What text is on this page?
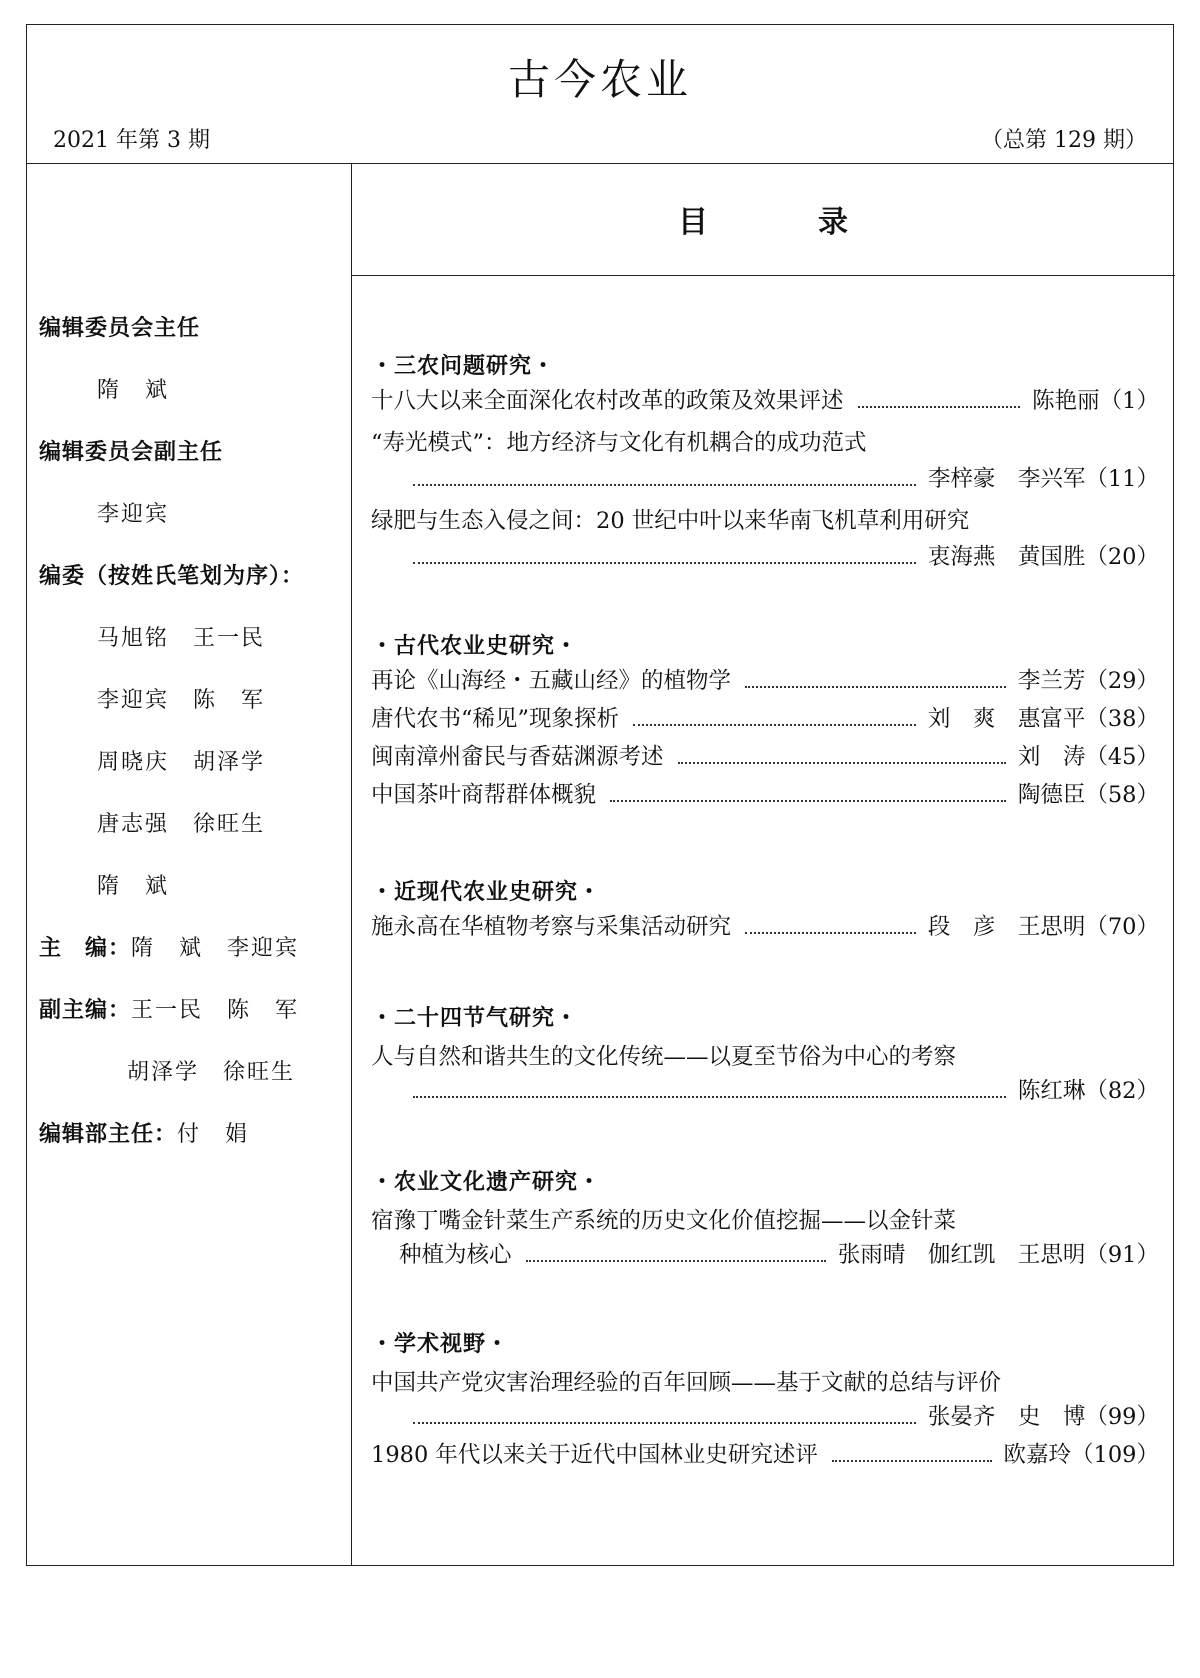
古今农业
2021 年第 3 期	（总第 129 期）
编辑委员会主任
隋　斌
编辑委员会副主任
李迎宾
编委（按姓氏笔划为序）：
马旭铭　王一民
李迎宾　陈　军
周晓庆　胡泽学
唐志强　徐旺生
隋　斌
主　编：隋　斌　李迎宾
副主编：王一民　陈　军
胡泽学　徐旺生
编辑部主任：付　娟
目	录
・三农问题研究・
十八大以来全面深化农村改革的政策及效果评述	陈艳丽（1）
“寿光模式”：地方经济与文化有机耦合的成功范式
李梓豪　李兴军（11）
绿肥与生态入侵之间：20 世纪中叶以来华南飞机草利用研究
衷海燕　黄国胜（20）
・古代农业史研究・
再论《山海经・五藏山经》的植物学	李兰芳（29）
唐代农书“稀见”现象探析	刘　爽　惠富平（38）
闽南漳州畲民与香菇渊源考述	刘　涛（45）
中国茶叶商帮群体概貌	陶德臣（58）
・近现代农业史研究・
施永高在华植物考察与采集活动研究	段　彦　王思明（70）
・二十四节气研究・
人与自然和谐共生的文化传统——以夏至节俗为中心的考察
陈红琳（82）
・农业文化遗产研究・
宿豫丁嘴金针菜生产系统的历史文化价值挖掘——以金针菜
种植为核心	张雨晴　伽红凯　王思明（91）
・学术视野・
中国共产党灾害治理经验的百年回顾——基于文献的总结与评价
张晏齐　史　博（99）
1980 年代以来关于近代中国林业史研究述评	欧嘉玲（109）
